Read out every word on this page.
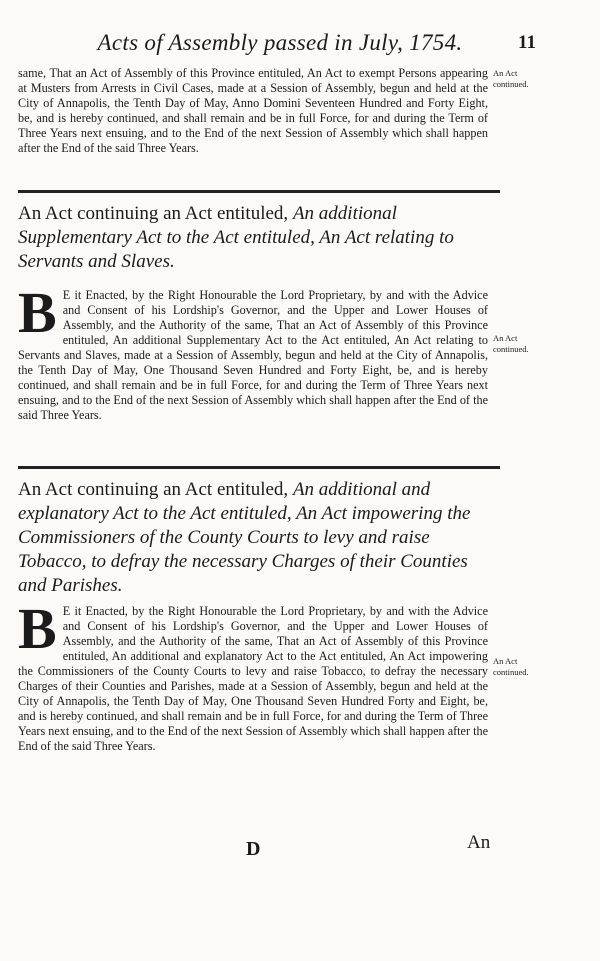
Acts of Assembly passed in July, 1754.	11
same, That an Act of Assembly of this Province entituled, An Act to exempt Persons appearing at Musters from Arrests in Civil Cases, made at a Session of Assembly, begun and held at the City of Annapolis, the Tenth Day of May, Anno Domini Seventeen Hundred and Forty Eight, be, and is hereby continued, and shall remain and be in full Force, for and during the Term of Three Years next ensuing, and to the End of the next Session of Assembly which shall happen after the End of the said Three Years.
An Act continued.
An Act continuing an Act entituled, An additional Supplementary Act to the Act entituled, An Act relating to Servants and Slaves.
B E it Enacted, by the Right Honourable the Lord Proprietary, by and with the Advice and Consent of his Lordship's Governor, and the Upper and Lower Houses of Assembly, and the Authority of the same, That an Act of Assembly of this Province entituled, An additional Supplementary Act to the Act entituled, An Act relating to Servants and Slaves, made at a Session of Assembly, begun and held at the City of Annapolis, the Tenth Day of May, One Thousand Seven Hundred and Forty Eight, be, and is hereby continued, and shall remain and be in full Force, for and during the Term of Three Years next ensuing, and to the End of the next Session of Assembly which shall happen after the End of the said Three Years.
An Act continued.
An Act continuing an Act entituled, An additional and explanatory Act to the Act entituled, An Act impowering the Commissioners of the County Courts to levy and raise Tobacco, to defray the necessary Charges of their Counties and Parishes.
B E it Enacted, by the Right Honourable the Lord Proprietary, by and with the Advice and Consent of his Lordship's Governor, and the Upper and Lower Houses of Assembly, and the Authority of the same, That an Act of Assembly of this Province entituled, An additional and explanatory Act to the Act entituled, An Act impowering the Commissioners of the County Courts to levy and raise Tobacco, to defray the necessary Charges of their Counties and Parishes, made at a Session of Assembly, begun and held at the City of Annapolis, the Tenth Day of May, One Thousand Seven Hundred Forty and Eight, be, and is hereby continued, and shall remain and be in full Force, for and during the Term of Three Years next ensuing, and to the End of the next Session of Assembly which shall happen after the End of the said Three Years.
An Act continued.
D	An
